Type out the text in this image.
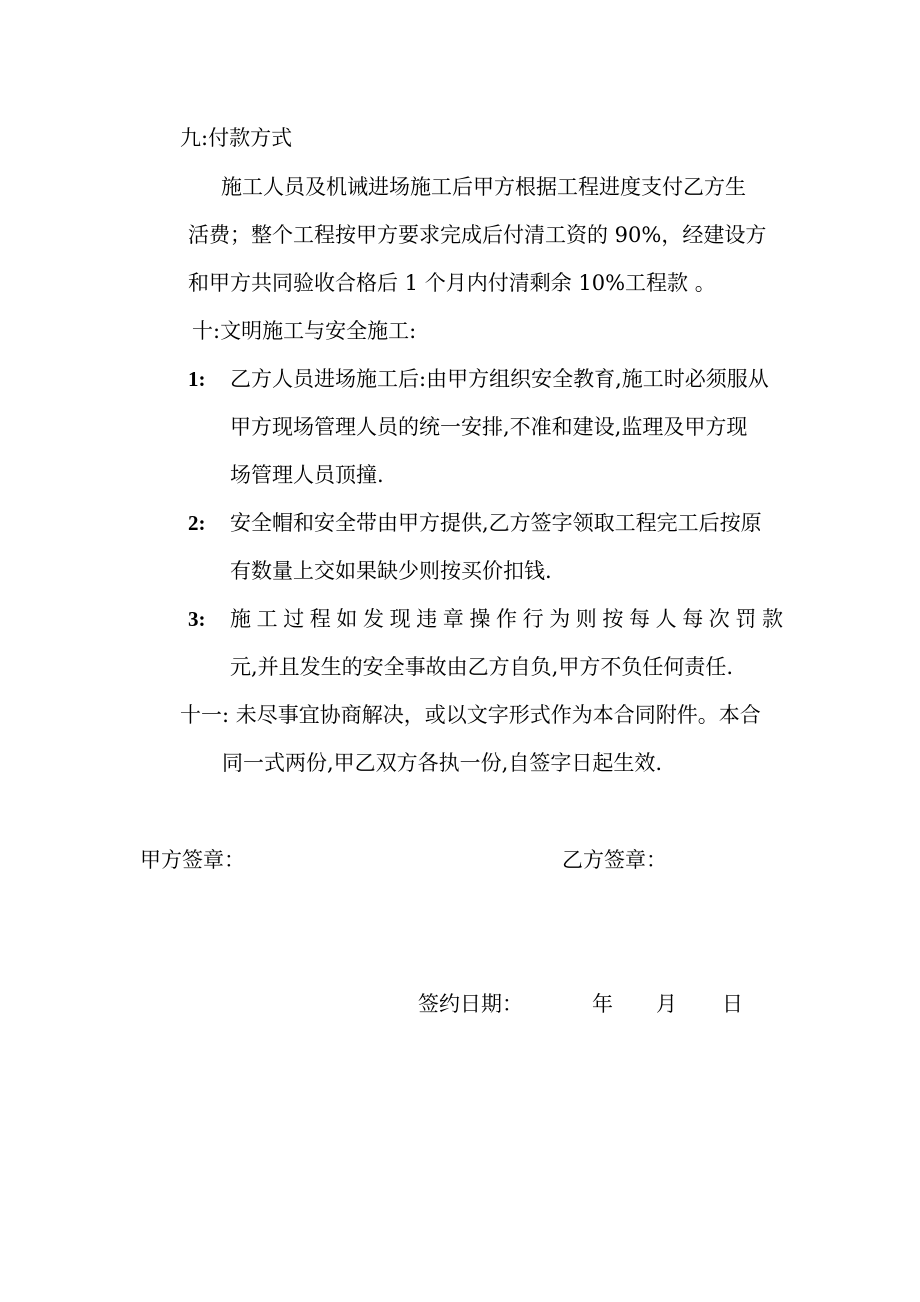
九:付款方式
施工人员及机诫进场施工后甲方根据工程进度支付乙方生
活费；整个工程按甲方要求完成后付清工资的 90%，经建设方
和甲方共同验收合格后 1 个月内付清剩余 10%工程款 。
十:文明施工与安全施工:
1: 乙方人员进场施工后:由甲方组织安全教育,施工时必须服从
甲方现场管理人员的统一安排,不准和建设,监理及甲方现
场管理人员顶撞.
2: 安全帽和安全带由甲方提供,乙方签字领取工程完工后按原
有数量上交如果缺少则按买价扣钱.
3: 施工过程如发现违章操作行为则按每人每次罚款
元,并且发生的安全事故由乙方自负,甲方不负任何责任.
十一: 未尽事宜协商解决，或以文字形式作为本合同附件。本合
同一式两份,甲乙双方各执一份,自签字日起生效.
甲方签章：	乙方签章：
签约日期：	年 月 日
